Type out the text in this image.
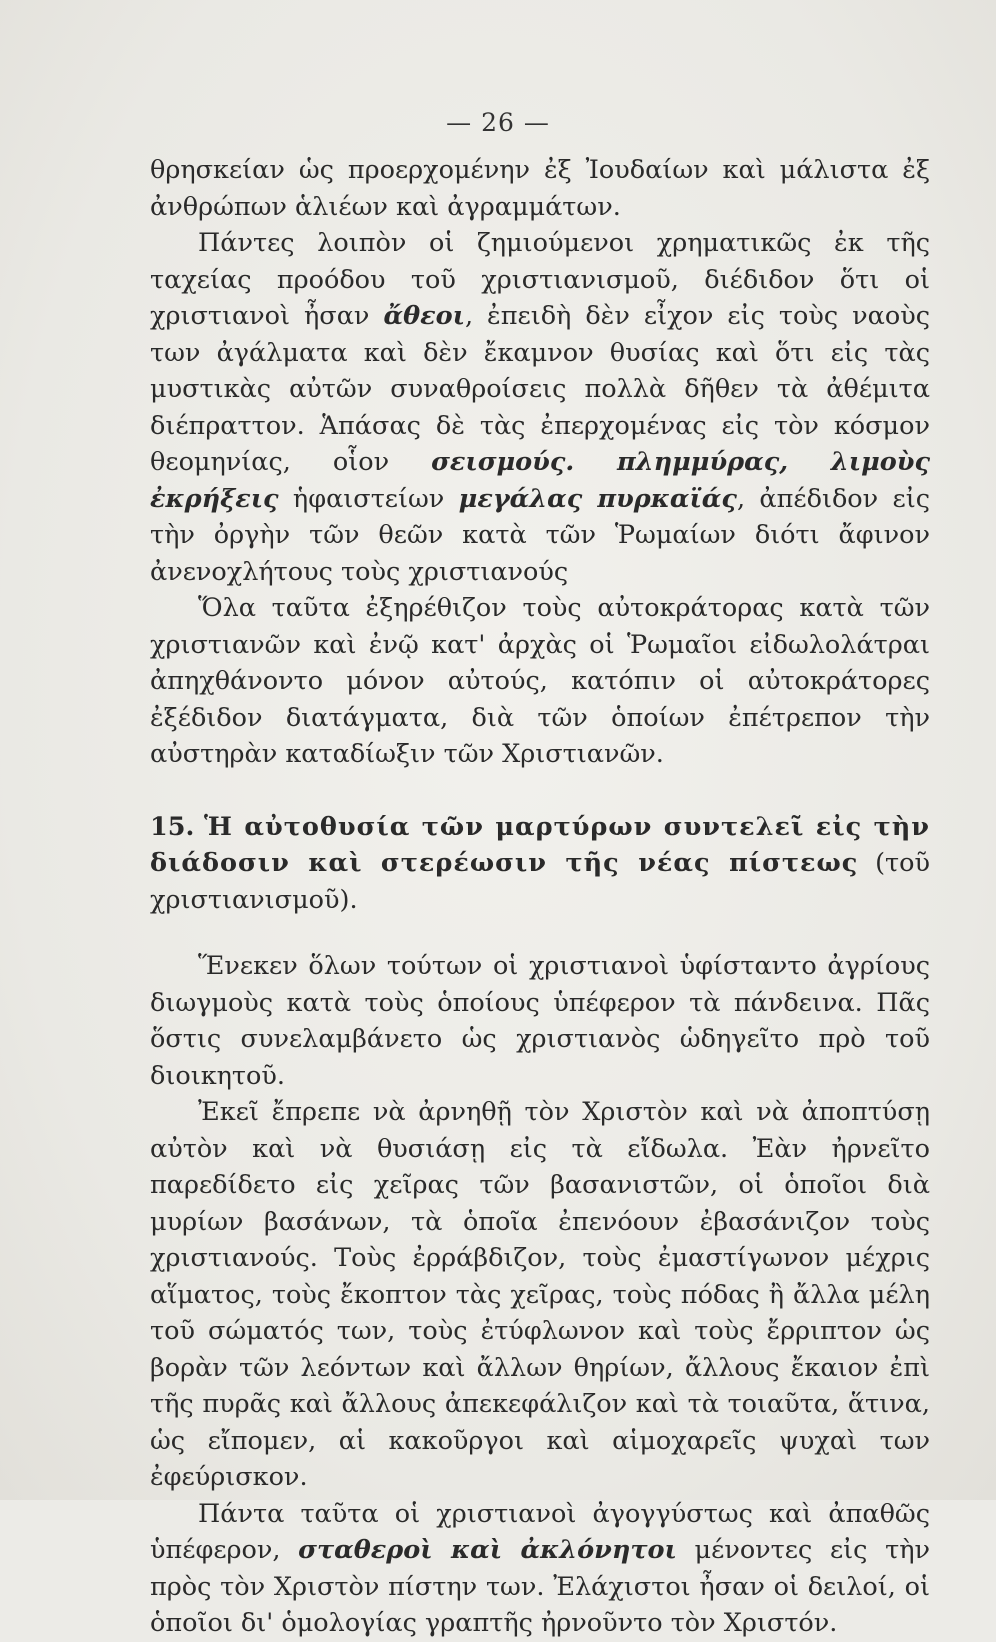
— 26 —

θρησκείαν ὡς προερχομένην ἐξ Ἰουδαίων καὶ μάλιστα ἐξ ἀνθρώπων ἁλιέων καὶ ἀγραμμάτων.

Πάντες λοιπὸν οἱ ζημιούμενοι χρηματικῶς ἐκ τῆς ταχείας προόδου τοῦ χριστιανισμοῦ, διέδιδον ὅτι οἱ χριστιανοὶ ἦσαν ἄθεοι, ἐπειδὴ δὲν εἶχον εἰς τοὺς ναοὺς των ἀγάλματα καὶ δὲν ἔκαμνον θυσίας καὶ ὅτι εἰς τὰς μυστικὰς αὐτῶν συναθροίσεις πολλὰ δῆθεν τὰ ἀθέμιτα διέπραττον. Ἁπάσας δὲ τὰς ἐπερχομένας εἰς τὸν κόσμον θεομηνίας, οἷον σεισμούς. πλημμύρας, λιμοὺς ἐκρήξεις ἡφαιστείων μεγάλας πυρκαϊάς, ἀπέδιδον εἰς τὴν ὀργὴν τῶν θεῶν κατὰ τῶν Ῥωμαίων διότι ἄφινον ἀνενοχλήτους τοὺς χριστιανούς

Ὅλα ταῦτα ἐξηρέθιζον τοὺς αὐτοκράτορας κατὰ τῶν χριστιανῶν καὶ ἐνῷ κατ' ἀρχὰς οἱ Ῥωμαῖοι εἰδωλολάτραι ἀπηχθάνοντο μόνον αὐτούς, κατόπιν οἱ αὐτοκράτορες ἐξέδιδον διατάγματα, διὰ τῶν ὁποίων ἐπέτρεπον τὴν αὐστηρὰν καταδίωξιν τῶν Χριστιανῶν.

15. Ἡ αὐτοθυσία τῶν μαρτύρων συντελεῖ εἰς τὴν διάδοσιν καὶ στερέωσιν τῆς νέας πίστεως (τοῦ χριστιανισμοῦ).

Ἕνεκεν ὅλων τούτων οἱ χριστιανοὶ ὑφίσταντο ἀγρίους διωγμοὺς κατὰ τοὺς ὁποίους ὑπέφερον τὰ πάνδεινα. Πᾶς ὅστις συνελαμβάνετο ὡς χριστιανὸς ὡδηγεῖτο πρὸ τοῦ διοικητοῦ.

Ἐκεῖ ἔπρεπε νὰ ἀρνηθῇ τὸν Χριστὸν καὶ νὰ ἀποπτύσῃ αὐτὸν καὶ νὰ θυσιάσῃ εἰς τὰ εἴδωλα. Ἐὰν ἠρνεῖτο παρεδίδετο εἰς χεῖρας τῶν βασανιστῶν, οἱ ὁποῖοι διὰ μυρίων βασάνων, τὰ ὁποῖα ἐπενόουν ἐβασάνιζον τοὺς χριστιανούς. Τοὺς ἐρράβδιζον, τοὺς ἐμαστίγωνον μέχρις αἵματος, τοὺς ἔκοπτον τὰς χεῖρας, τοὺς πόδας ἢ ἄλλα μέλη τοῦ σώματός των, τοὺς ἐτύφλωνον καὶ τοὺς ἔρριπτον ὡς βορὰν τῶν λεόντων καὶ ἄλλων θηρίων, ἄλλους ἔκαιον ἐπὶ τῆς πυρᾶς καὶ ἄλλους ἀπεκεφάλιζον καὶ τὰ τοιαῦτα, ἅτινα, ὡς εἴπομεν, αἱ κακοῦργοι καὶ αἱμοχαρεῖς ψυχαὶ των ἐφεύρισκον.

Πάντα ταῦτα οἱ χριστιανοὶ ἀγογγύστως καὶ ἀπαθῶς ὑπέφερον, σταθεροὶ καὶ ἀκλόνητοι μένοντες εἰς τὴν πρὸς τὸν Χριστὸν πίστην των. Ἐλάχιστοι ἦσαν οἱ δειλοί, οἱ ὁποῖοι δι' ὁμολογίας γραπτῆς ἠρνοῦντο τὸν Χριστόν.
